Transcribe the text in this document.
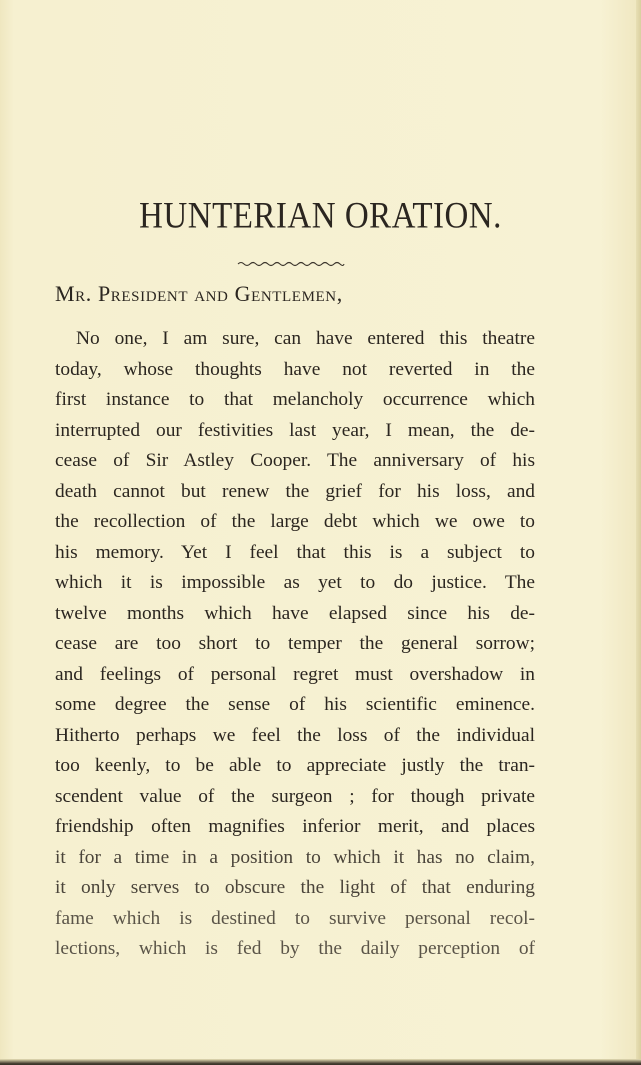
HUNTERIAN ORATION.
Mr. President and Gentlemen,
No one, I am sure, can have entered this theatre
today, whose thoughts have not reverted in the
first instance to that melancholy occurrence which
interrupted our festivities last year, I mean, the de-
cease of Sir Astley Cooper. The anniversary of his
death cannot but renew the grief for his loss, and
the recollection of the large debt which we owe to
his memory. Yet I feel that this is a subject to
which it is impossible as yet to do justice. The
twelve months which have elapsed since his de-
cease are too short to temper the general sorrow;
and feelings of personal regret must overshadow in
some degree the sense of his scientific eminence.
Hitherto perhaps we feel the loss of the individual
too keenly, to be able to appreciate justly the tran-
scendent value of the surgeon ; for though private
friendship often magnifies inferior merit, and places
it for a time in a position to which it has no claim,
it only serves to obscure the light of that enduring
fame which is destined to survive personal recol-
lections, which is fed by the daily perception of
